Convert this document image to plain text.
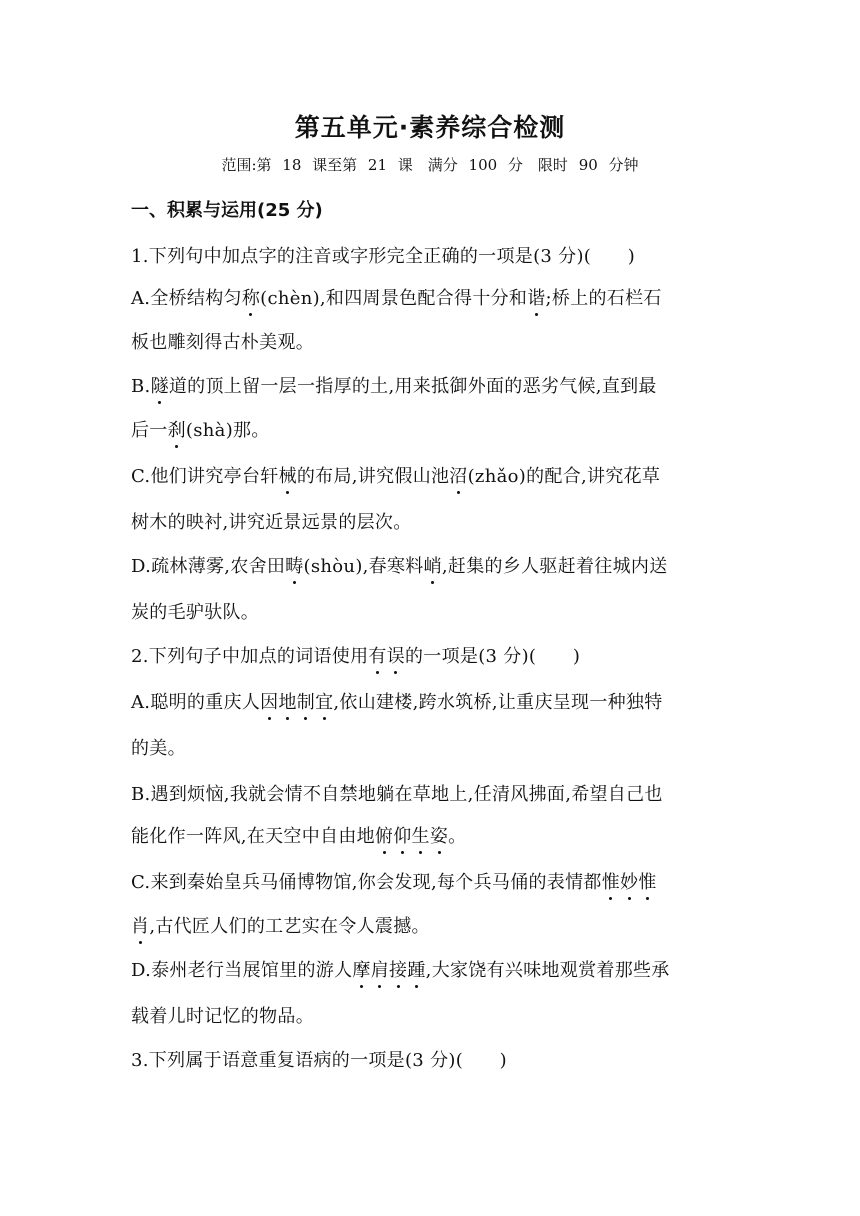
第五单元·素养综合检测
范围:第 18 课至第 21 课　满分 100 分　限时 90 分钟
一、积累与运用(25 分)
1.下列句中加点字的注音或字形完全正确的一项是(3 分)(　　)
A.全桥结构匀称(chèn),和四周景色配合得十分和谐;桥上的石栏石
板也雕刻得古朴美观。
B.隧道的顶上留一层一指厚的土,用来抵御外面的恶劣气候,直到最
后一刹(shà)那。
C.他们讲究亭台轩械的布局,讲究假山池沼(zhǎo)的配合,讲究花草
树木的映衬,讲究近景远景的层次。
D.疏林薄雾,农舍田畴(shòu),春寒料峭,赶集的乡人驱赶着往城内送
炭的毛驴驮队。
2.下列句子中加点的词语使用有误的一项是(3 分)(　　)
A.聪明的重庆人因地制宜,依山建楼,跨水筑桥,让重庆呈现一种独特
的美。
B.遇到烦恼,我就会情不自禁地躺在草地上,任清风拂面,希望自己也
能化作一阵风,在天空中自由地俯仰生姿。
C.来到秦始皇兵马俑博物馆,你会发现,每个兵马俑的表情都惟妙惟
肖,古代匠人们的工艺实在令人震撼。
D.泰州老行当展馆里的游人摩肩接踵,大家饶有兴味地观赏着那些承
载着儿时记忆的物品。
3.下列属于语意重复语病的一项是(3 分)(　　)
